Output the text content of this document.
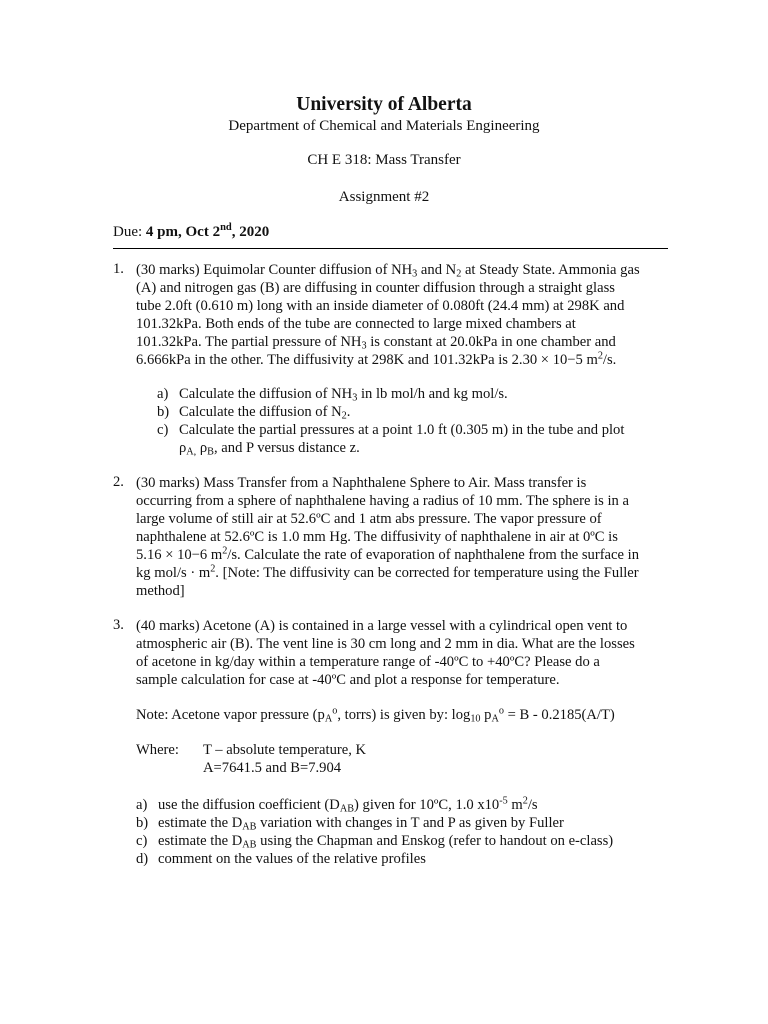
University of Alberta
Department of Chemical and Materials Engineering
CH E 318: Mass Transfer
Assignment #2
Due: 4 pm, Oct 2nd, 2020
1. (30 marks) Equimolar Counter diffusion of $NH_3$ and $N_2$ at Steady State. Ammonia gas
(A) and nitrogen gas (B) are diffusing in counter diffusion through a straight glass
tube 2.0ft (0.610 m) long with an inside diameter of 0.080ft (24.4 mm) at 298K and
101.32kPa. Both ends of the tube are connected to large mixed chambers at
101.32kPa. The partial pressure of $NH_3$ is constant at 20.0kPa in one chamber and
6.666kPa in the other. The diffusivity at 298K and 101.32kPa is 2.30 × 10−5 $m^2/s$.
a) Calculate the diffusion of $NH_3$ in lb mol/h and kg mol/s.
b) Calculate the diffusion of $N_2$.
c) Calculate the partial pressures at a point 1.0 ft (0.305 m) in the tube and plot
$\rho_{A,}$ $\rho_B$, and P versus distance z.
2. (30 marks) Mass Transfer from a Naphthalene Sphere to Air. Mass transfer is
occurring from a sphere of naphthalene having a radius of 10 mm. The sphere is in a
large volume of still air at 52.6ºC and 1 atm abs pressure. The vapor pressure of
naphthalene at 52.6ºC is 1.0 mm Hg. The diffusivity of naphthalene in air at 0ºC is
5.16 × 10−6 $m^2/s$. Calculate the rate of evaporation of naphthalene from the surface in
kg $mol/s \cdot m^2$. [Note: The diffusivity can be corrected for temperature using the Fuller
method]
3. (40 marks) Acetone (A) is contained in a large vessel with a cylindrical open vent to
atmospheric air (B). The vent line is 30 cm long and 2 mm in dia. What are the losses
of acetone in kg/day within a temperature range of -40ºC to +40ºC? Please do a
sample calculation for case at -40ºC and plot a response for temperature.
Note: Acetone vapor pressure ($p_A^o$, torrs) is given by: $\log_{10} p_A^o = B - 0.2185(A/T)$
Where: T – absolute temperature, K
A=7641.5 and B=7.904
a) use the diffusion coefficient $(D_{AB})$ given for 10ºC, 1.0 $x10^{-5}$ $m^2/s$
b) estimate the $D_{AB}$ variation with changes in T and P as given by Fuller
c) estimate the $D_{AB}$ using the Chapman and Enskog (refer to handout on e-class)
d) comment on the values of the relative profiles
